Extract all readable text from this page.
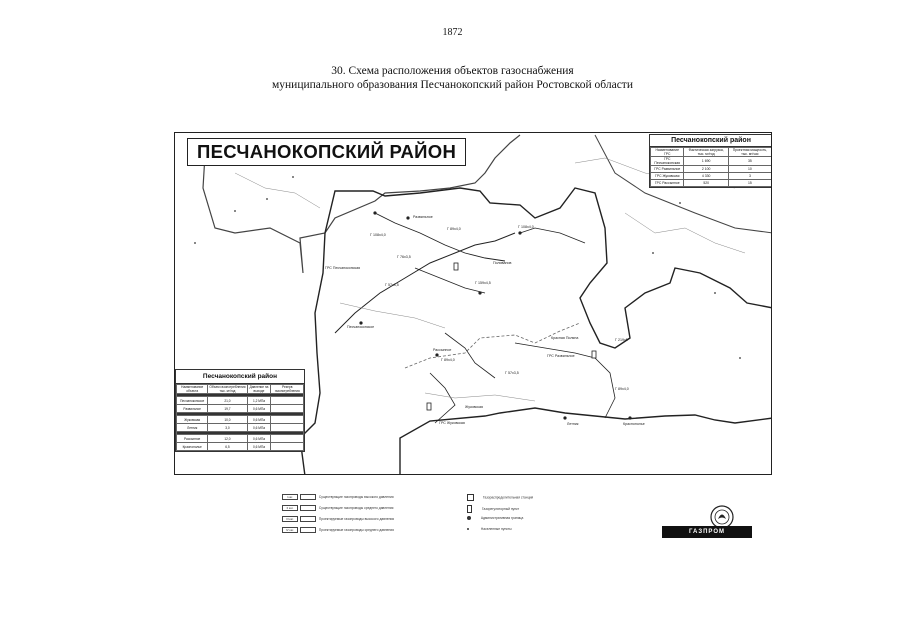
1872
30. Схема расположения объектов газоснабжения
муниципального образования Песчанокопский район Ростовской области
ПЕСЧАНОКОПСКИЙ РАЙОН
ГРС Песчанокопская
ГРС Развильное
ГРС Жуковская
Г 108х4,0
Г 89х4,0
Г 76х3,5
Г 57х3,5	Г 159х4,5
Г 108х4,0
Г 89х4,0
Г 57х3,5
Г 219х5
Г 89х4,0
Развильное
Песчанокопское
Жуковская
Поливанов
Красная Поляна
Рассыпное
Летник	Краснополье
Песчанокопский район
Наименование ГРС	Фактическая загрузка, тыс. м³/год	Проектная мощность, тыс. м³/час
ГРС Песчанокопская	1 690	35
ГРС Развильное	2 100	10
ГРС Жуковская	4 330	3
ГРС Рассыпное	520	15
Песчанокопский район
Наименование объекта	Объем газопотребления тыс. м³/год	Давление на выходе	Резерв газопотребления

Песчанокопское	21,0	1,2 МПа	
Развильное	19,7	0,6 МПа	

Жуковская	10,0	0,6 МПа	
Летник	3,0	0,6 МПа	

Рассыпное	12,0	0,6 МПа	
Краснополье	6,5	0,6 МПа	
I кат.	Существующие газопроводы высокого давления
II кат.	Существующие газопроводы среднего давления
III кат.	Проектируемые газопроводы высокого давления
IV кат.	Проектируемые газопроводы среднего давления
Газораспределительная станция
Газорегуляторный пункт
Административная граница
Населенные пункты	ГАЗПРОМ
